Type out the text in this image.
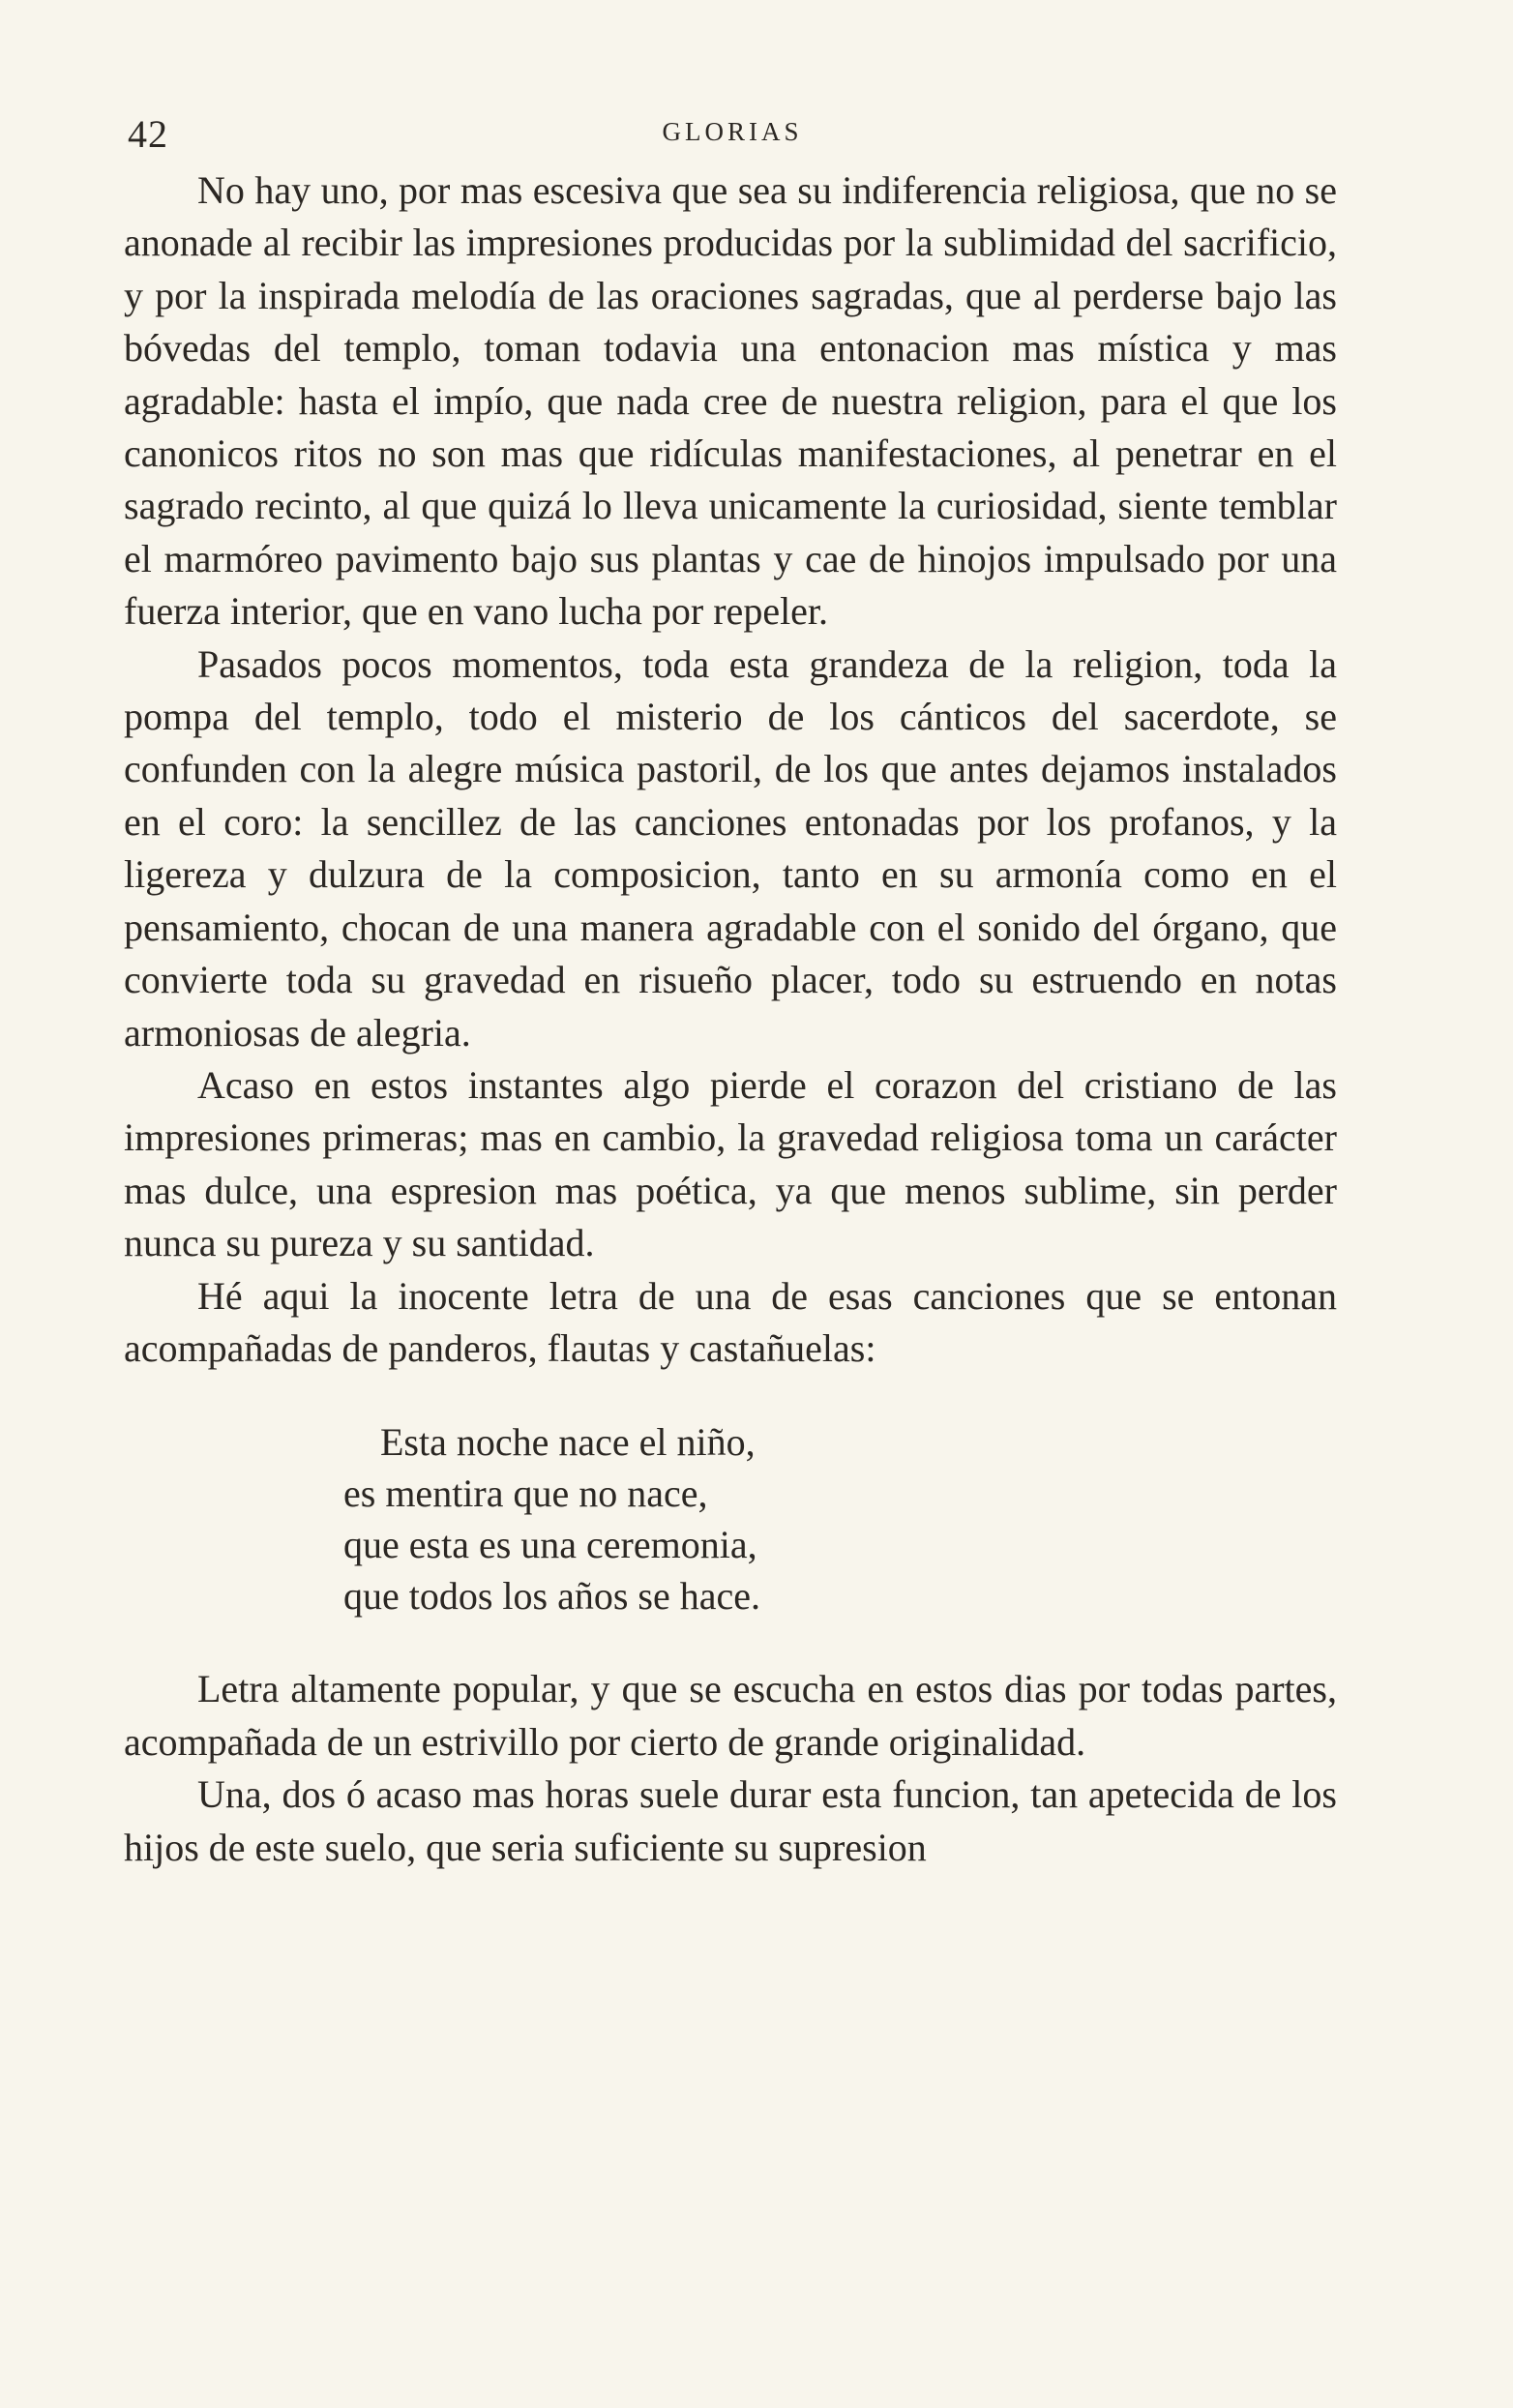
42	GLORIAS

No hay uno, por mas escesiva que sea su indiferencia religiosa, que no se anonade al recibir las impresiones producidas por la sublimidad del sacrificio, y por la inspirada melodía de las oraciones sagradas, que al perderse bajo las bóvedas del templo, toman todavia una entonacion mas mística y mas agradable: hasta el impío, que nada cree de nuestra religion, para el que los canonicos ritos no son mas que ridículas manifestaciones, al penetrar en el sagrado recinto, al que quizá lo lleva unicamente la curiosidad, siente temblar el marmóreo pavimento bajo sus plantas y cae de hinojos impulsado por una fuerza interior, que en vano lucha por repeler.

Pasados pocos momentos, toda esta grandeza de la religion, toda la pompa del templo, todo el misterio de los cánticos del sacerdote, se confunden con la alegre música pastoril, de los que antes dejamos instalados en el coro: la sencillez de las canciones entonadas por los profanos, y la ligereza y dulzura de la composicion, tanto en su armonía como en el pensamiento, chocan de una manera agradable con el sonido del órgano, que convierte toda su gravedad en risueño placer, todo su estruendo en notas armoniosas de alegria.

Acaso en estos instantes algo pierde el corazon del cristiano de las impresiones primeras; mas en cambio, la gravedad religiosa toma un carácter mas dulce, una espresion mas poética, ya que menos sublime, sin perder nunca su pureza y su santidad.

Hé aqui la inocente letra de una de esas canciones que se entonan acompañadas de panderos, flautas y castañuelas:

Esta noche nace el niño,
es mentira que no nace,
que esta es una ceremonia,
que todos los años se hace.

Letra altamente popular, y que se escucha en estos dias por todas partes, acompañada de un estrivillo por cierto de grande originalidad.

Una, dos ó acaso mas horas suele durar esta funcion, tan apetecida de los hijos de este suelo, que seria suficiente su supresion
